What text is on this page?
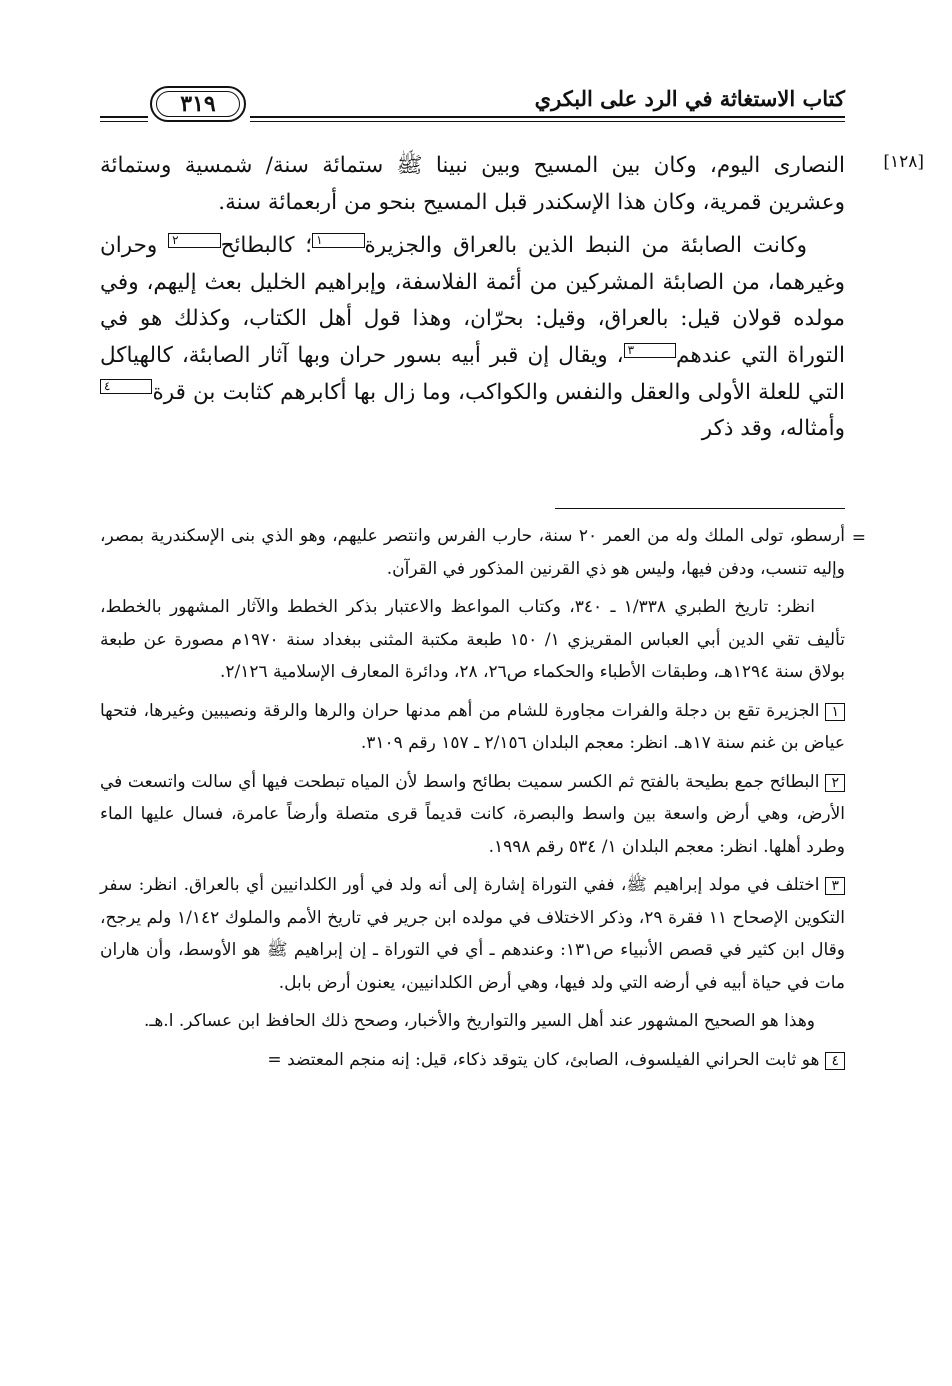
كتاب الاستغاثة في الرد على البكري
٣١٩
[١٢٨]

النصارى اليوم، وكان بين المسيح وبين نبينا ﷺ ستمائة سنة/ شمسية وستمائة وعشرين قمرية، وكان هذا الإسكندر قبل المسيح بنحو من أربعمائة سنة.

وكانت الصابئة من النبط الذين بالعراق والجزيرة١؛ كالبطائح٢ وحران وغيرهما، من الصابئة المشركين من أئمة الفلاسفة، وإبراهيم الخليل بعث إليهم، وفي مولده قولان قيل: بالعراق، وقيل: بحرّان، وهذا قول أهل الكتاب، وكذلك هو في التوراة التي عندهم٣، ويقال إن قبر أبيه بسور حران وبها آثار الصابئة، كالهياكل التي للعلة الأولى والعقل والنفس والكواكب، وما زال بها أكابرهم كثابت بن قرة٤ وأمثاله، وقد ذكر

=

أرسطو، تولى الملك وله من العمر ٢٠ سنة، حارب الفرس وانتصر عليهم، وهو الذي بنى الإسكندرية بمصر، وإليه تنسب، ودفن فيها، وليس هو ذي القرنين المذكور في القرآن.

انظر: تاريخ الطبري ١/٣٣٨ ـ ٣٤٠، وكتاب المواعظ والاعتبار بذكر الخطط والآثار المشهور بالخطط، تأليف تقي الدين أبي العباس المقريزي ١/ ١٥٠ طبعة مكتبة المثنى ببغداد سنة ١٩٧٠م مصورة عن طبعة بولاق سنة ١٢٩٤هـ، وطبقات الأطباء والحكماء ص٢٦، ٢٨، ودائرة المعارف الإسلامية ٢/١٢٦.

١الجزيرة تقع بن دجلة والفرات مجاورة للشام من أهم مدنها حران والرها والرقة ونصيبين وغيرها، فتحها عياض بن غنم سنة ١٧هـ. انظر: معجم البلدان ٢/١٥٦ ـ ١٥٧ رقم ٣١٠٩.

٢البطائح جمع بطيحة بالفتح ثم الكسر سميت بطائح واسط لأن المياه تبطحت فيها أي سالت واتسعت في الأرض، وهي أرض واسعة بين واسط والبصرة، كانت قديماً قرى متصلة وأرضاً عامرة، فسال عليها الماء وطرد أهلها. انظر: معجم البلدان ١/ ٥٣٤ رقم ١٩٩٨.

٣اختلف في مولد إبراهيم ﷺ، ففي التوراة إشارة إلى أنه ولد في أور الكلدانيين أي بالعراق. انظر: سفر التكوين الإصحاح ١١ فقرة ٢٩، وذكر الاختلاف في مولده ابن جرير في تاريخ الأمم والملوك ١/١٤٢ ولم يرجح، وقال ابن كثير في قصص الأنبياء ص١٣١: وعندهم ـ أي في التوراة ـ إن إبراهيم ﷺ هو الأوسط، وأن هاران مات في حياة أبيه في أرضه التي ولد فيها، وهي أرض الكلدانيين، يعنون أرض بابل.

وهذا هو الصحيح المشهور عند أهل السير والتواريخ والأخبار، وصحح ذلك الحافظ ابن عساكر. ا.هـ.

٤هو ثابت الحراني الفيلسوف، الصابئ، كان يتوقد ذكاء، قيل: إنه منجم المعتضد =
